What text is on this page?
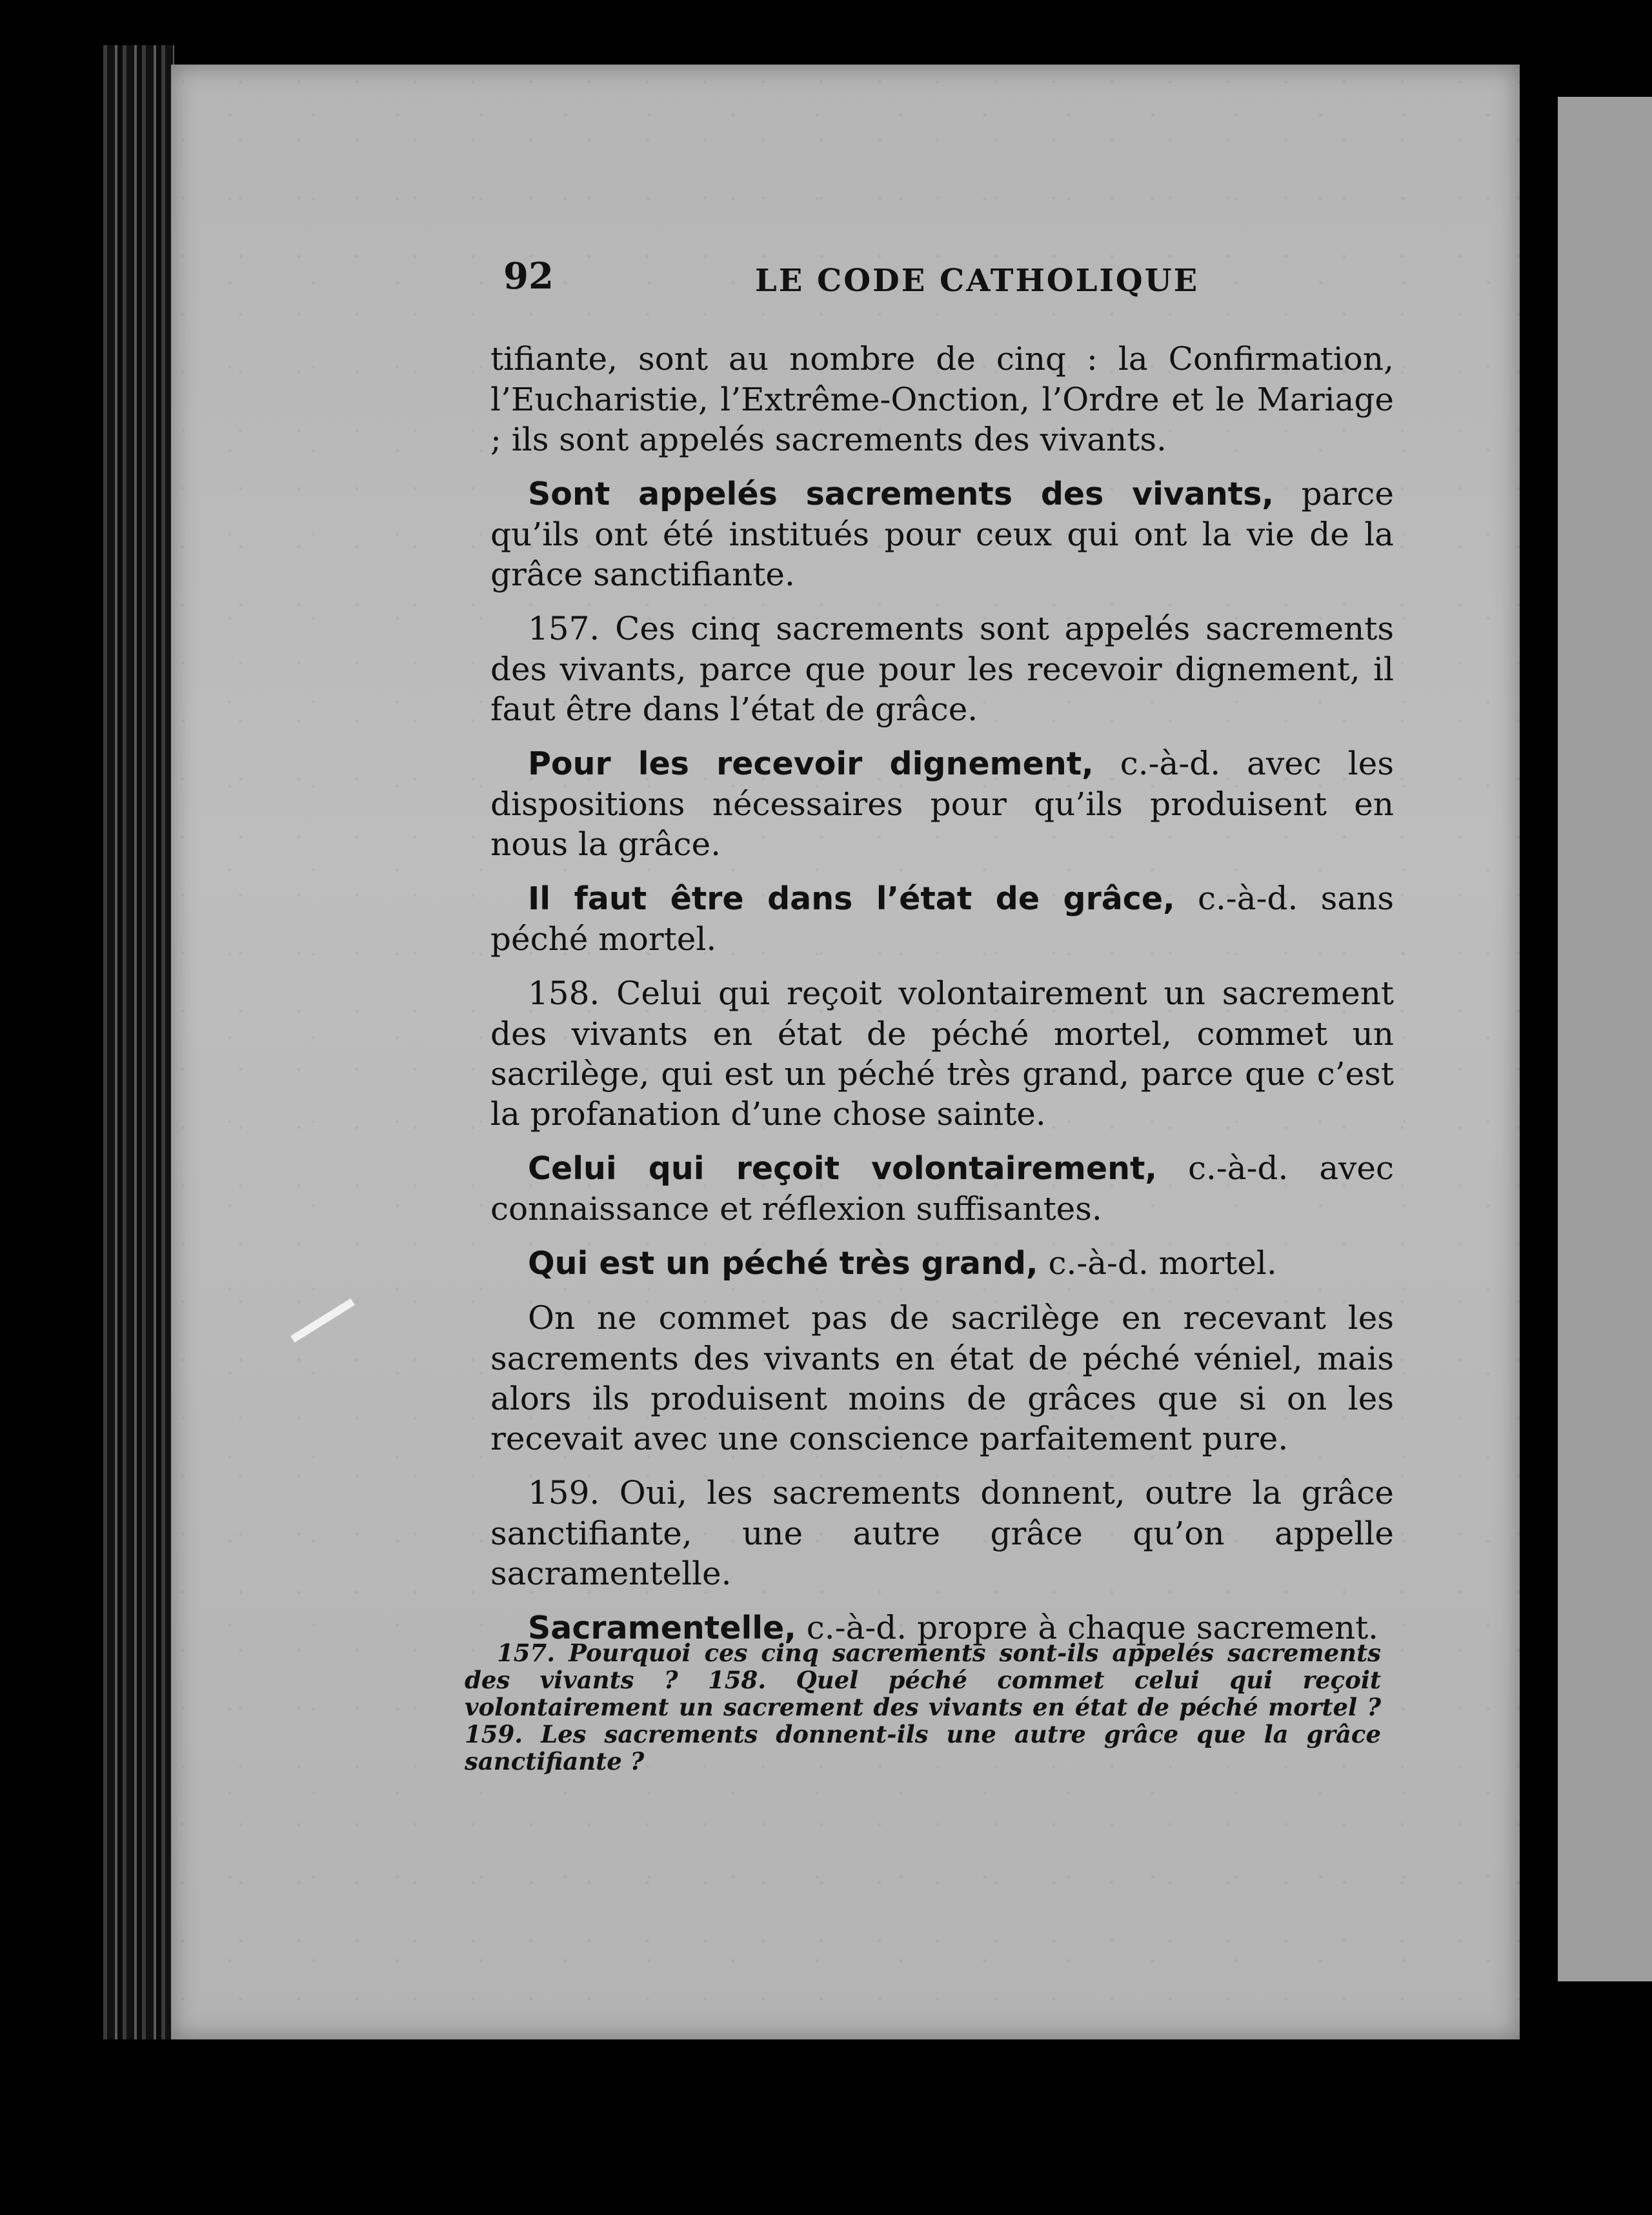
92	LE CODE CATHOLIQUE

tifiante, sont au nombre de cinq : la Confirmation, l’Eucharistie, l’Extrême-Onction, l’Ordre et le Mariage ; ils sont appelés sacrements des vivants.

Sont appelés sacrements des vivants, parce qu’ils ont été institués pour ceux qui ont la vie de la grâce sanctifiante.

157. Ces cinq sacrements sont appelés sacrements des vivants, parce que pour les recevoir dignement, il faut être dans l’état de grâce.

Pour les recevoir dignement, c.-à-d. avec les dispositions nécessaires pour qu’ils produisent en nous la grâce.

Il faut être dans l’état de grâce, c.-à-d. sans péché mortel.

158. Celui qui reçoit volontairement un sacrement des vivants en état de péché mortel, commet un sacrilège, qui est un péché très grand, parce que c’est la profanation d’une chose sainte.

Celui qui reçoit volontairement, c.-à-d. avec connaissance et réflexion suffisantes.

Qui est un péché très grand, c.-à-d. mortel.

On ne commet pas de sacrilège en recevant les sacrements des vivants en état de péché véniel, mais alors ils produisent moins de grâces que si on les recevait avec une conscience parfaitement pure.

159. Oui, les sacrements donnent, outre la grâce sanctifiante, une autre grâce qu’on appelle sacramentelle.

Sacramentelle, c.-à-d. propre à chaque sacrement.

157. Pourquoi ces cinq sacrements sont-ils appelés sacrements des vivants ? 158. Quel péché commet celui qui reçoit volontairement un sacrement des vivants en état de péché mortel ? 159. Les sacrements donnent-ils une autre grâce que la grâce sanctifiante ?
